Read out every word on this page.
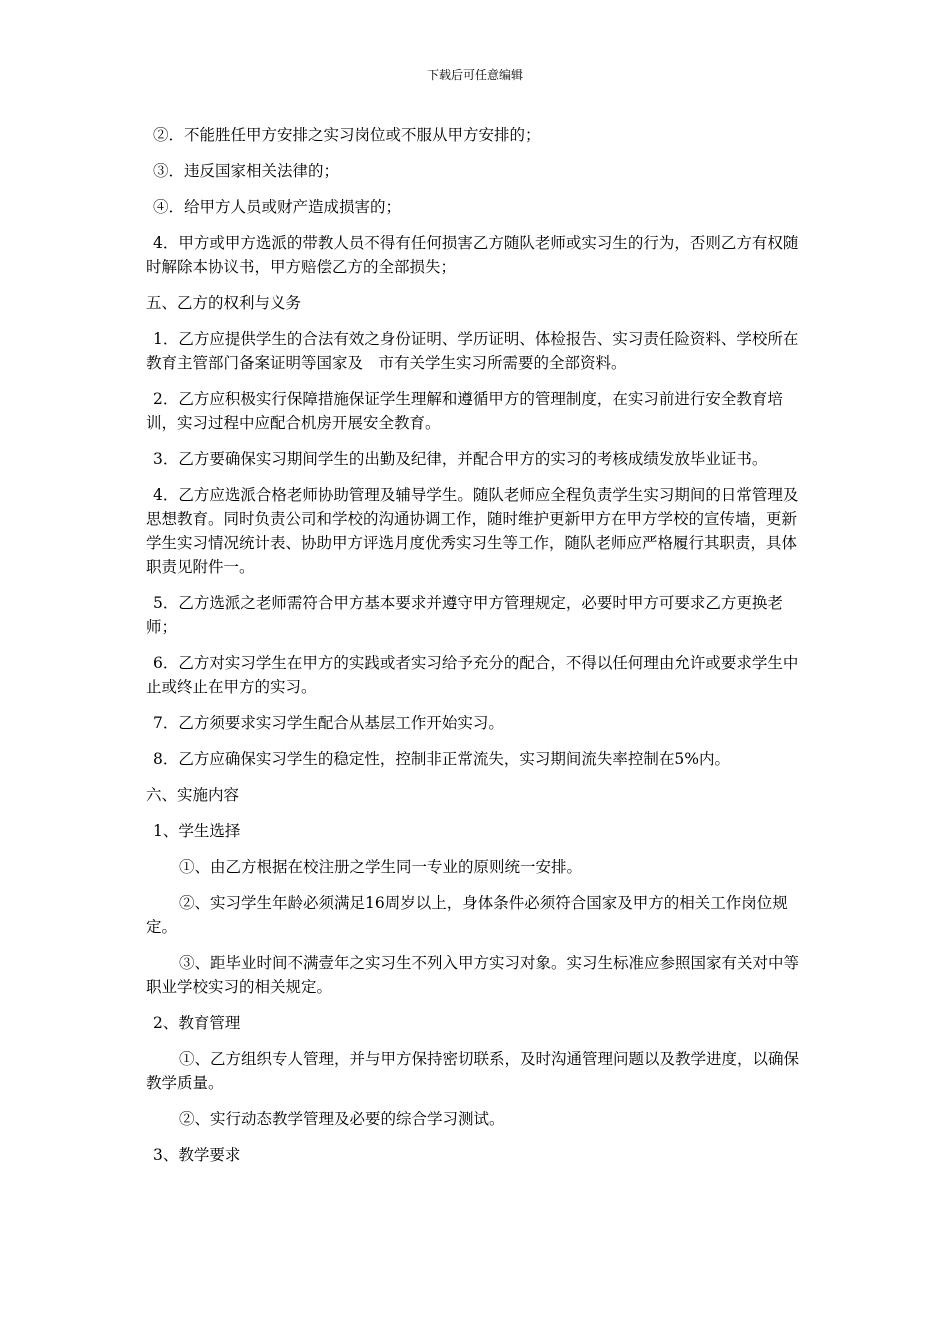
下载后可任意编辑

②．不能胜任甲方安排之实习岗位或不服从甲方安排的；

③．违反国家相关法律的；

④．给甲方人员或财产造成损害的；

4．甲方或甲方选派的带教人员不得有任何损害乙方随队老师或实习生的行为，否则乙方有权随时解除本协议书，甲方赔偿乙方的全部损失；

五、乙方的权利与义务

1．乙方应提供学生的合法有效之身份证明、学历证明、体检报告、实习责任险资料、学校所在教育主管部门备案证明等国家及　市有关学生实习所需要的全部资料。

2．乙方应积极实行保障措施保证学生理解和遵循甲方的管理制度，在实习前进行安全教育培训，实习过程中应配合机房开展安全教育。

3．乙方要确保实习期间学生的出勤及纪律，并配合甲方的实习的考核成绩发放毕业证书。

4．乙方应选派合格老师协助管理及辅导学生。随队老师应全程负责学生实习期间的日常管理及思想教育。同时负责公司和学校的沟通协调工作，随时维护更新甲方在甲方学校的宣传墙，更新学生实习情况统计表、协助甲方评选月度优秀实习生等工作，随队老师应严格履行其职责，具体职责见附件一。

5．乙方选派之老师需符合甲方基本要求并遵守甲方管理规定，必要时甲方可要求乙方更换老师；

6．乙方对实习学生在甲方的实践或者实习给予充分的配合，不得以任何理由允许或要求学生中止或终止在甲方的实习。

7．乙方须要求实习学生配合从基层工作开始实习。

8．乙方应确保实习学生的稳定性，控制非正常流失，实习期间流失率控制在5%内。

六、实施内容

1、学生选择

①、由乙方根据在校注册之学生同一专业的原则统一安排。

②、实习学生年龄必须满足16周岁以上，身体条件必须符合国家及甲方的相关工作岗位规定。

③、距毕业时间不满壹年之实习生不列入甲方实习对象。实习生标准应参照国家有关对中等职业学校实习的相关规定。

2、教育管理

①、乙方组织专人管理，并与甲方保持密切联系，及时沟通管理问题以及教学进度，以确保教学质量。

②、实行动态教学管理及必要的综合学习测试。

3、教学要求
